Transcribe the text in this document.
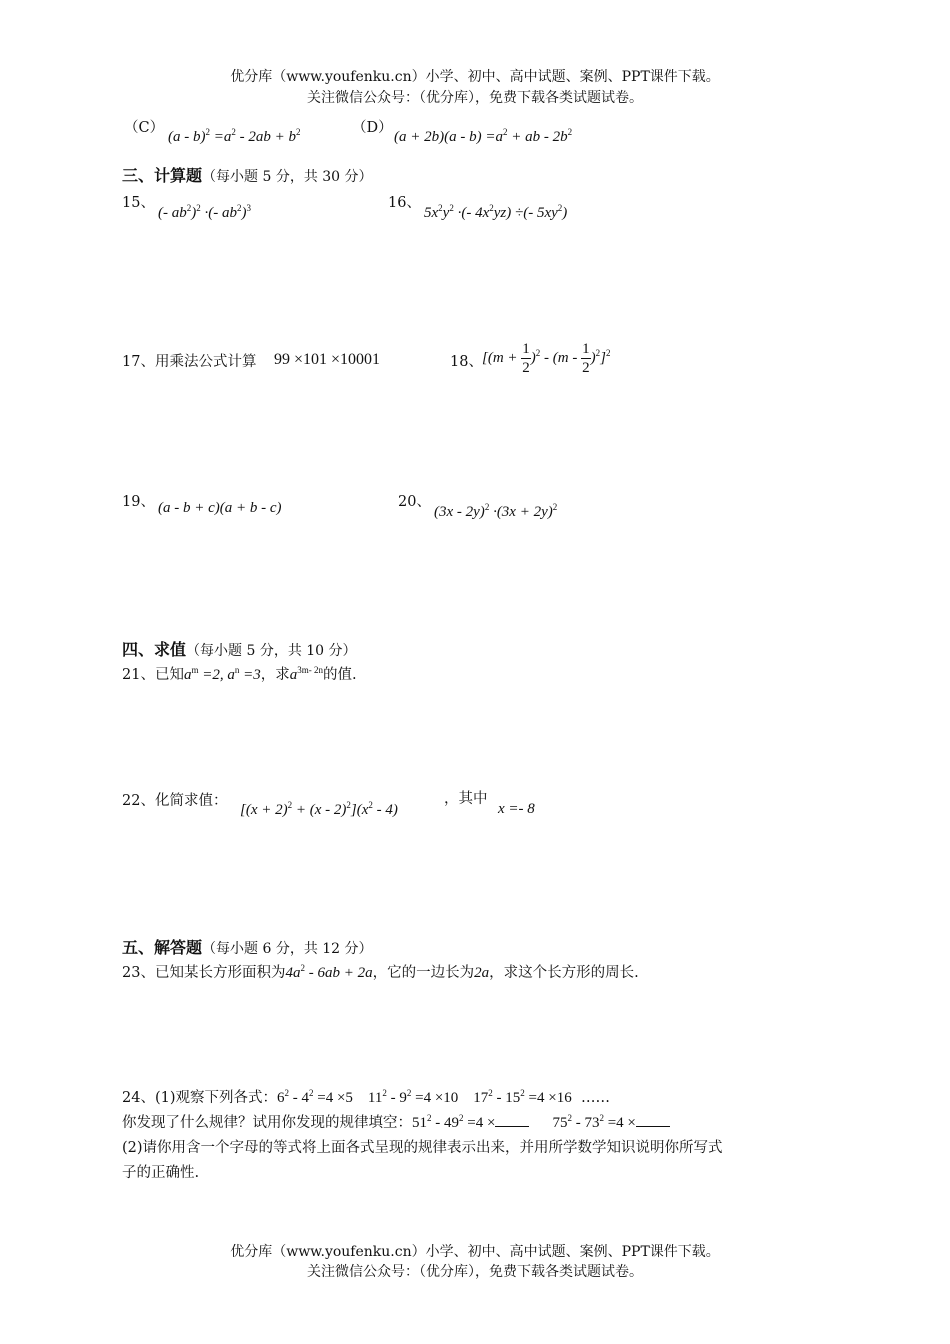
优分库（www.youfenku.cn）小学、初中、高中试题、案例、PPT课件下载。
关注微信公众号：（优分库），免费下载各类试题试卷。
（C）
$(a - b)^2 =a^2 - 2ab + b^2$	（D）
$(a + 2b)(a - b) =a^2$ + ab - $2b^2$
三、计算题（每小题 5 分，共 30 分）
15、
(- $ab^2)^2$ ·(- $ab^2)^3$	16、
$5x^2y^2$ ·(- $4x^2yz$) ÷(- $5xy^2$)
17、用乘法公式计算 99 ×101 ×10001	18、 $[(m + \frac{1}{2} )^2 - (m - \frac{1}{2} )^2]^2$
19、 (a - b + c)(a + b - c)	20、
$(3x - 2y)^2 \cdot(3x + 2y)^2$
四、求值（每小题 5 分，共 10 分）
21、已知$a^m =2$, $a^n =3$，求$a^{3m- 2n}$的值.
22、化简求值：
$[(x + 2)^2 + (x - 2)^2](x^2 - 4)$
，其中
x =- 8
五、解答题（每小题 6 分，共 12 分）
23、已知某长方形面积为$4a^2 - 6ab + 2a$，它的一边长为2a，求这个长方形的周长.
24、(1)观察下列各式：$6^2 - 4^2 =4 \times 5$    $11^2 - 9^2 =4 \times 10$    $17^2 - 15^2 =4 \times 16$ ……
你发现了什么规律？试用你发现的规律填空：$51^2 - 49^2 =4$ ×	$75^2 - 73^2 =4$ ×
(2)请你用含一个字母的等式将上面各式呈现的规律表示出来，并用所学数学知识说明你所写式
子的正确性.
优分库（www.youfenku.cn）小学、初中、高中试题、案例、PPT课件下载。
关注微信公众号：（优分库），免费下载各类试题试卷。
